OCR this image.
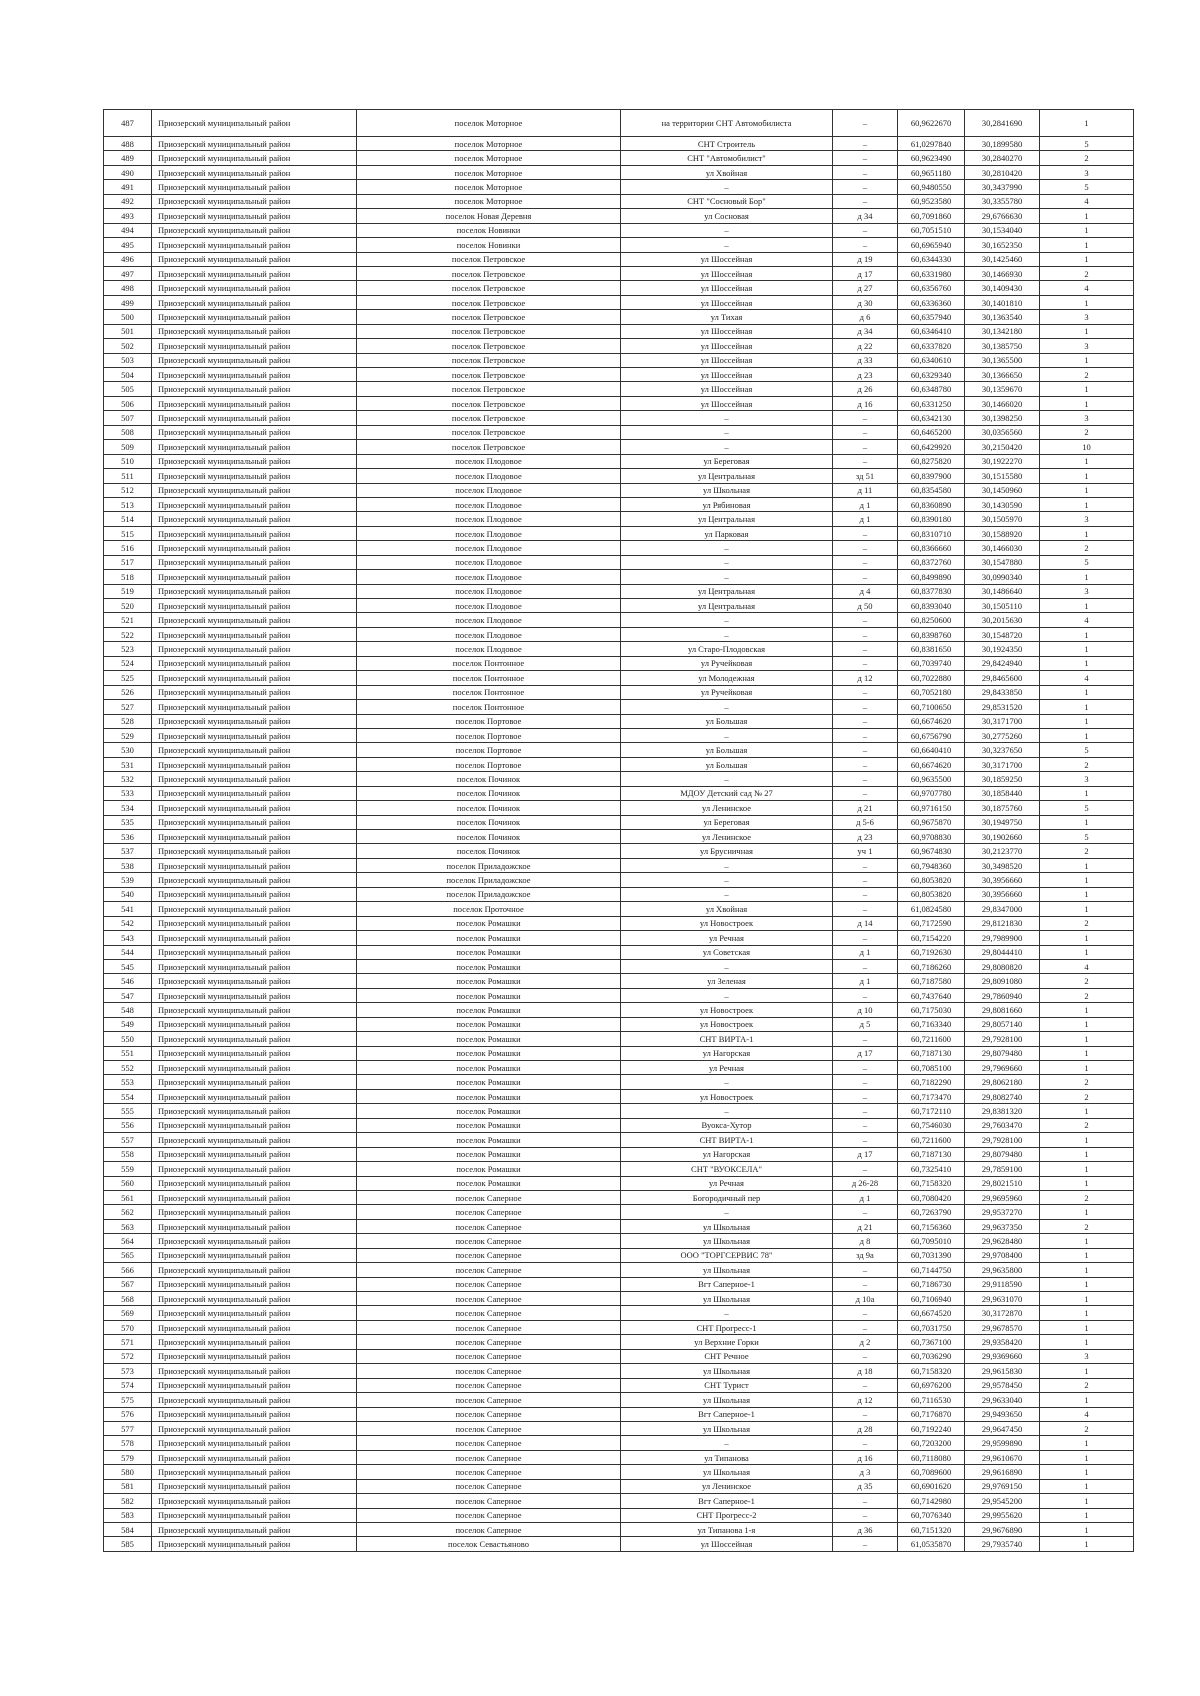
487	Приозерский муниципальный район	поселок Моторное	на территории СНТ Автомобилиста	–	60,9622670	30,2841690	1
488	Приозерский муниципальный район	поселок Моторное	СНТ Строитель	–	61,0297840	30,1899580	5
489	Приозерский муниципальный район	поселок Моторное	СНТ "Автомобилист"	–	60,9623490	30,2840270	2
490	Приозерский муниципальный район	поселок Моторное	ул Хвойная	–	60,9651180	30,2810420	3
491	Приозерский муниципальный район	поселок Моторное	–	–	60,9480550	30,3437990	5
492	Приозерский муниципальный район	поселок Моторное	СНТ "Сосновый Бор"	–	60,9523580	30,3355780	4
493	Приозерский муниципальный район	поселок Новая Деревня	ул Сосновая	д 34	60,7091860	29,6766630	1
494	Приозерский муниципальный район	поселок Новинки	–	–	60,7051510	30,1534040	1
495	Приозерский муниципальный район	поселок Новинки	–	–	60,6965940	30,1652350	1
496	Приозерский муниципальный район	поселок Петровское	ул Шоссейная	д 19	60,6344330	30,1425460	1
497	Приозерский муниципальный район	поселок Петровское	ул Шоссейная	д 17	60,6331980	30,1466930	2
498	Приозерский муниципальный район	поселок Петровское	ул Шоссейная	д 27	60,6356760	30,1409430	4
499	Приозерский муниципальный район	поселок Петровское	ул Шоссейная	д 30	60,6336360	30,1401810	1
500	Приозерский муниципальный район	поселок Петровское	ул Тихая	д 6	60,6357940	30,1363540	3
501	Приозерский муниципальный район	поселок Петровское	ул Шоссейная	д 34	60,6346410	30,1342180	1
502	Приозерский муниципальный район	поселок Петровское	ул Шоссейная	д 22	60,6337820	30,1385750	3
503	Приозерский муниципальный район	поселок Петровское	ул Шоссейная	д 33	60,6340610	30,1365500	1
504	Приозерский муниципальный район	поселок Петровское	ул Шоссейная	д 23	60,6329340	30,1366650	2
505	Приозерский муниципальный район	поселок Петровское	ул Шоссейная	д 26	60,6348780	30,1359670	1
506	Приозерский муниципальный район	поселок Петровское	ул Шоссейная	д 16	60,6331250	30,1466020	1
507	Приозерский муниципальный район	поселок Петровское	–	–	60,6342130	30,1398250	3
508	Приозерский муниципальный район	поселок Петровское	–	–	60,6465200	30,0356560	2
509	Приозерский муниципальный район	поселок Петровское	–	–	60,6429920	30,2150420	10
510	Приозерский муниципальный район	поселок Плодовое	ул Береговая	–	60,8275820	30,1922270	1
511	Приозерский муниципальный район	поселок Плодовое	ул Центральная	зд 51	60,8397900	30,1515580	1
512	Приозерский муниципальный район	поселок Плодовое	ул Школьная	д 11	60,8354580	30,1450960	1
513	Приозерский муниципальный район	поселок Плодовое	ул Рябиновая	д 1	60,8360890	30,1430590	1
514	Приозерский муниципальный район	поселок Плодовое	ул Центральная	д 1	60,8390180	30,1505970	3
515	Приозерский муниципальный район	поселок Плодовое	ул Парковая	–	60,8310710	30,1588920	1
516	Приозерский муниципальный район	поселок Плодовое	–	–	60,8366660	30,1466030	2
517	Приозерский муниципальный район	поселок Плодовое	–	–	60,8372760	30,1547880	5
518	Приозерский муниципальный район	поселок Плодовое	–	–	60,8499890	30,0990340	1
519	Приозерский муниципальный район	поселок Плодовое	ул Центральная	д 4	60,8377830	30,1486640	3
520	Приозерский муниципальный район	поселок Плодовое	ул Центральная	д 50	60,8393040	30,1505110	1
521	Приозерский муниципальный район	поселок Плодовое	–	–	60,8250600	30,2015630	4
522	Приозерский муниципальный район	поселок Плодовое	–	–	60,8398760	30,1548720	1
523	Приозерский муниципальный район	поселок Плодовое	ул Старо-Плодовская	–	60,8381650	30,1924350	1
524	Приозерский муниципальный район	поселок Понтонное	ул Ручейковая	–	60,7039740	29,8424940	1
525	Приозерский муниципальный район	поселок Понтонное	ул Молодежная	д 12	60,7022880	29,8465600	4
526	Приозерский муниципальный район	поселок Понтонное	ул Ручейковая	–	60,7052180	29,8433850	1
527	Приозерский муниципальный район	поселок Понтонное	–	–	60,7100650	29,8531520	1
528	Приозерский муниципальный район	поселок Портовое	ул Большая	–	60,6674620	30,3171700	1
529	Приозерский муниципальный район	поселок Портовое	–	–	60,6756790	30,2775260	1
530	Приозерский муниципальный район	поселок Портовое	ул Большая	–	60,6640410	30,3237650	5
531	Приозерский муниципальный район	поселок Портовое	ул Большая	–	60,6674620	30,3171700	2
532	Приозерский муниципальный район	поселок Починок	–	–	60,9635500	30,1859250	3
533	Приозерский муниципальный район	поселок Починок	МДОУ Детский сад № 27	–	60,9707780	30,1858440	1
534	Приозерский муниципальный район	поселок Починок	ул Ленинское	д 21	60,9716150	30,1875760	5
535	Приозерский муниципальный район	поселок Починок	ул Береговая	д 5-6	60,9675870	30,1949750	1
536	Приозерский муниципальный район	поселок Починок	ул Ленинское	д 23	60,9708830	30,1902660	5
537	Приозерский муниципальный район	поселок Починок	ул Брусничная	уч 1	60,9674830	30,2123770	2
538	Приозерский муниципальный район	поселок Приладожское	–	–	60,7948360	30,3498520	1
539	Приозерский муниципальный район	поселок Приладожское	–	–	60,8053820	30,3956660	1
540	Приозерский муниципальный район	поселок Приладожское	–	–	60,8053820	30,3956660	1
541	Приозерский муниципальный район	поселок Проточное	ул Хвойная	–	61,0824580	29,8347000	1
542	Приозерский муниципальный район	поселок Ромашки	ул Новостроек	д 14	60,7172590	29,8121830	2
543	Приозерский муниципальный район	поселок Ромашки	ул Речная	–	60,7154220	29,7989900	1
544	Приозерский муниципальный район	поселок Ромашки	ул Советская	д 1	60,7192630	29,8044410	1
545	Приозерский муниципальный район	поселок Ромашки	–	–	60,7186260	29,8080820	4
546	Приозерский муниципальный район	поселок Ромашки	ул Зеленая	д 1	60,7187580	29,8091080	2
547	Приозерский муниципальный район	поселок Ромашки	–	–	60,7437640	29,7860940	2
548	Приозерский муниципальный район	поселок Ромашки	ул Новостроек	д 10	60,7175030	29,8081660	1
549	Приозерский муниципальный район	поселок Ромашки	ул Новостроек	д 5	60,7163340	29,8057140	1
550	Приозерский муниципальный район	поселок Ромашки	СНТ ВИРТА-1	–	60,7211600	29,7928100	1
551	Приозерский муниципальный район	поселок Ромашки	ул Нагорская	д 17	60,7187130	29,8079480	1
552	Приозерский муниципальный район	поселок Ромашки	ул Речная	–	60,7085100	29,7969660	1
553	Приозерский муниципальный район	поселок Ромашки	–	–	60,7182290	29,8062180	2
554	Приозерский муниципальный район	поселок Ромашки	ул Новостроек	–	60,7173470	29,8082740	2
555	Приозерский муниципальный район	поселок Ромашки	–	–	60,7172110	29,8381320	1
556	Приозерский муниципальный район	поселок Ромашки	Вуокса-Хутор	–	60,7546030	29,7603470	2
557	Приозерский муниципальный район	поселок Ромашки	СНТ ВИРТА-1	–	60,7211600	29,7928100	1
558	Приозерский муниципальный район	поселок Ромашки	ул Нагорская	д 17	60,7187130	29,8079480	1
559	Приозерский муниципальный район	поселок Ромашки	СНТ "ВУОКСЕЛА"	–	60,7325410	29,7859100	1
560	Приозерский муниципальный район	поселок Ромашки	ул Речная	д 26-28	60,7158320	29,8021510	1
561	Приозерский муниципальный район	поселок Саперное	Богородичный пер	д 1	60,7080420	29,9695960	2
562	Приозерский муниципальный район	поселок Саперное	–	–	60,7263790	29,9537270	1
563	Приозерский муниципальный район	поселок Саперное	ул Школьная	д 21	60,7156360	29,9637350	2
564	Приозерский муниципальный район	поселок Саперное	ул Школьная	д 8	60,7095010	29,9628480	1
565	Приозерский муниципальный район	поселок Саперное	ООО "ТОРГСЕРВИС 78"	зд 9а	60,7031390	29,9708400	1
566	Приозерский муниципальный район	поселок Саперное	ул Школьная	–	60,7144750	29,9635800	1
567	Приозерский муниципальный район	поселок Саперное	Вгт Саперное-1	–	60,7186730	29,9118590	1
568	Приозерский муниципальный район	поселок Саперное	ул Школьная	д 10а	60,7106940	29,9631070	1
569	Приозерский муниципальный район	поселок Саперное	–	–	60,6674520	30,3172870	1
570	Приозерский муниципальный район	поселок Саперное	СНТ Прогресс-1	–	60,7031750	29,9678570	1
571	Приозерский муниципальный район	поселок Саперное	ул Верхние Горки	д 2	60,7367100	29,9358420	1
572	Приозерский муниципальный район	поселок Саперное	СНТ Речное	–	60,7036290	29,9369660	3
573	Приозерский муниципальный район	поселок Саперное	ул Школьная	д 18	60,7158320	29,9615830	1
574	Приозерский муниципальный район	поселок Саперное	СНТ Турист	–	60,6976200	29,9578450	2
575	Приозерский муниципальный район	поселок Саперное	ул Школьная	д 12	60,7116530	29,9633040	1
576	Приозерский муниципальный район	поселок Саперное	Вгт Саперное-1	–	60,7176870	29,9493650	4
577	Приозерский муниципальный район	поселок Саперное	ул Школьная	д 28	60,7192240	29,9647450	2
578	Приозерский муниципальный район	поселок Саперное	–	–	60,7203200	29,9599890	1
579	Приозерский муниципальный район	поселок Саперное	ул Типанова	д 16	60,7118080	29,9610670	1
580	Приозерский муниципальный район	поселок Саперное	ул Школьная	д 3	60,7089600	29,9616890	1
581	Приозерский муниципальный район	поселок Саперное	ул Ленинское	д 35	60,6901620	29,9769150	1
582	Приозерский муниципальный район	поселок Саперное	Вгт Саперное-1	–	60,7142980	29,9545200	1
583	Приозерский муниципальный район	поселок Саперное	СНТ Прогресс-2	–	60,7076340	29,9955620	1
584	Приозерский муниципальный район	поселок Саперное	ул Типанова 1-я	д 36	60,7151320	29,9676890	1
585	Приозерский муниципальный район	поселок Севастьяново	ул Шоссейная	–	61,0535870	29,7935740	1
